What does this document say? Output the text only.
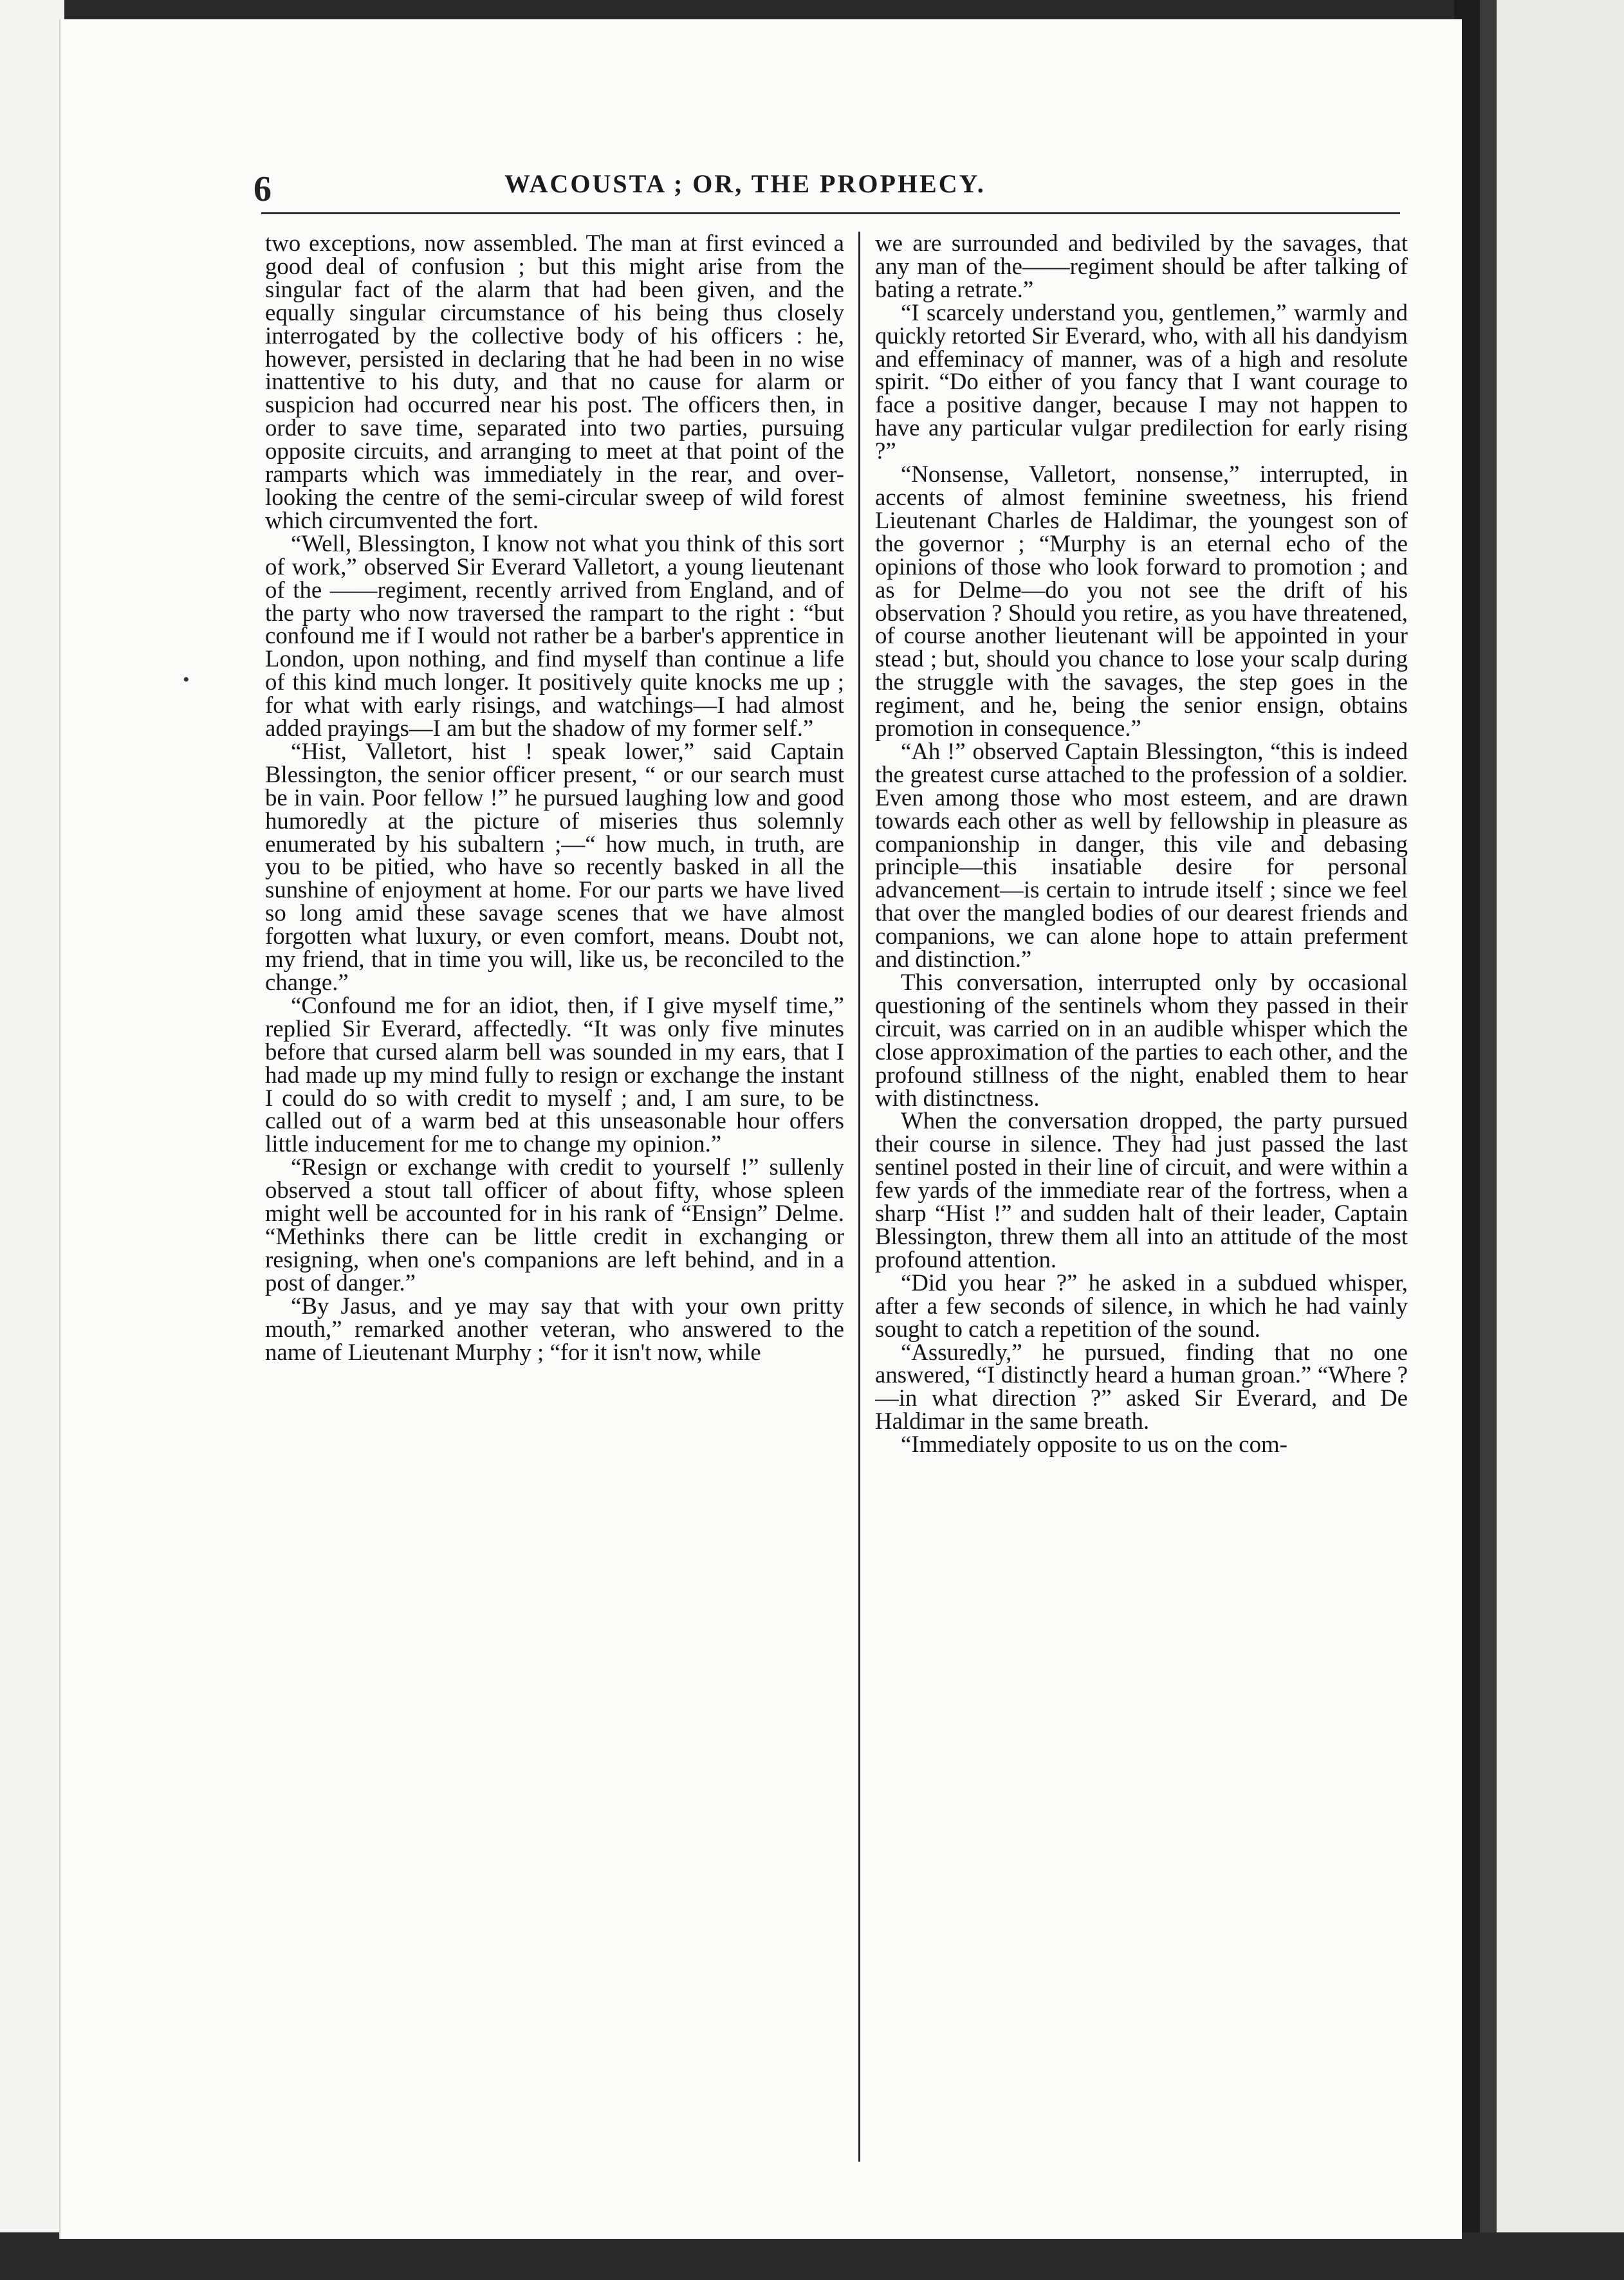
•
6	WACOUSTA ; OR, THE PROPHECY.

two exceptions, now assembled. The man at first evinced a good deal of confusion ; but this might arise from the singular fact of the alarm that had been given, and the equally singular circumstance of his being thus closely interrogated by the collective body of his officers : he, however, persisted in declaring that he had been in no wise inattentive to his duty, and that no cause for alarm or suspicion had occurred near his post. The officers then, in order to save time, separated into two parties, pursuing opposite circuits, and arranging to meet at that point of the ramparts which was immediately in the rear, and over-looking the centre of the semi-circular sweep of wild forest which circumvented the fort.

“Well, Blessington, I know not what you think of this sort of work,” observed Sir Everard Valletort, a young lieutenant of the ——regiment, recently arrived from England, and of the party who now traversed the rampart to the right : “but confound me if I would not rather be a barber's apprentice in London, upon nothing, and find myself than continue a life of this kind much longer. It positively quite knocks me up ; for what with early risings, and watchings—I had almost added prayings—I am but the shadow of my former self.”

“Hist, Valletort, hist ! speak lower,” said Captain Blessington, the senior officer present, “ or our search must be in vain. Poor fellow !” he pursued laughing low and good humoredly at the picture of miseries thus solemnly enumerated by his subaltern ;—“ how much, in truth, are you to be pitied, who have so recently basked in all the sunshine of enjoyment at home. For our parts we have lived so long amid these savage scenes that we have almost forgotten what luxury, or even comfort, means. Doubt not, my friend, that in time you will, like us, be reconciled to the change.”

“Confound me for an idiot, then, if I give myself time,” replied Sir Everard, affectedly. “It was only five minutes before that cursed alarm bell was sounded in my ears, that I had made up my mind fully to resign or exchange the instant I could do so with credit to myself ; and, I am sure, to be called out of a warm bed at this unseasonable hour offers little inducement for me to change my opinion.”

“Resign or exchange with credit to yourself !” sullenly observed a stout tall officer of about fifty, whose spleen might well be accounted for in his rank of “Ensign” Delme. “Methinks there can be little credit in exchanging or resigning, when one's companions are left behind, and in a post of danger.”

“By Jasus, and ye may say that with your own pritty mouth,” remarked another veteran, who answered to the name of Lieutenant Murphy ; “for it isn't now, while

we are surrounded and bediviled by the savages, that any man of the——regiment should be after talking of bating a retrate.”

“I scarcely understand you, gentlemen,” warmly and quickly retorted Sir Everard, who, with all his dandyism and effeminacy of manner, was of a high and resolute spirit. “Do either of you fancy that I want courage to face a positive danger, because I may not happen to have any particular vulgar predilection for early rising ?”

“Nonsense, Valletort, nonsense,” interrupted, in accents of almost feminine sweetness, his friend Lieutenant Charles de Haldimar, the youngest son of the governor ; “Murphy is an eternal echo of the opinions of those who look forward to promotion ; and as for Delme—do you not see the drift of his observation ? Should you retire, as you have threatened, of course another lieutenant will be appointed in your stead ; but, should you chance to lose your scalp during the struggle with the savages, the step goes in the regiment, and he, being the senior ensign, obtains promotion in consequence.”

“Ah !” observed Captain Blessington, “this is indeed the greatest curse attached to the profession of a soldier. Even among those who most esteem, and are drawn towards each other as well by fellowship in pleasure as companionship in danger, this vile and debasing principle—this insatiable desire for personal advancement—is certain to intrude itself ; since we feel that over the mangled bodies of our dearest friends and companions, we can alone hope to attain preferment and distinction.”

This conversation, interrupted only by occasional questioning of the sentinels whom they passed in their circuit, was carried on in an audible whisper which the close approximation of the parties to each other, and the profound stillness of the night, enabled them to hear with distinctness.

When the conversation dropped, the party pursued their course in silence. They had just passed the last sentinel posted in their line of circuit, and were within a few yards of the immediate rear of the fortress, when a sharp “Hist !” and sudden halt of their leader, Captain Blessington, threw them all into an attitude of the most profound attention.

“Did you hear ?” he asked in a subdued whisper, after a few seconds of silence, in which he had vainly sought to catch a repetition of the sound.

“Assuredly,” he pursued, finding that no one answered, “I distinctly heard a human groan.” “Where ?—in what direction ?” asked Sir Everard, and De Haldimar in the same breath.

“Immediately opposite to us on the com-
